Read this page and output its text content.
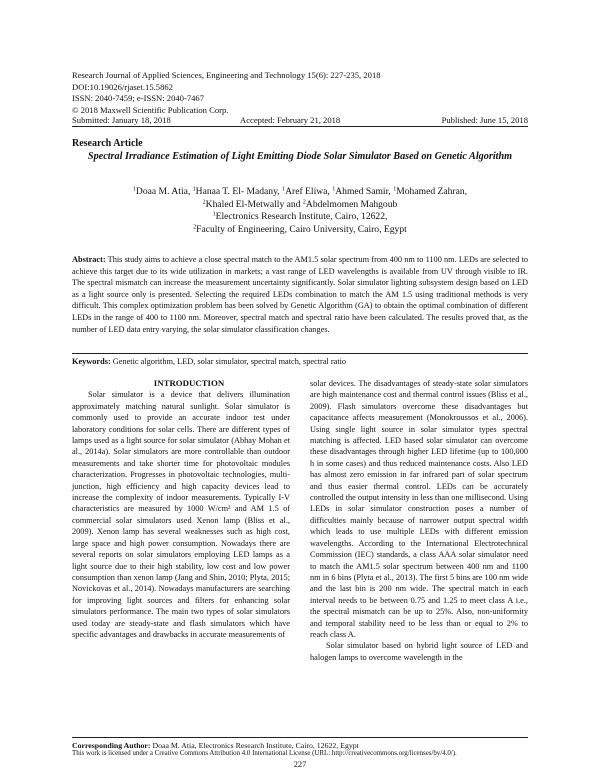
Research Journal of Applied Sciences, Engineering and Technology 15(6): 227-235, 2018
DOI:10.19026/rjaset.15.5862
ISSN: 2040-7459; e-ISSN: 2040-7467
© 2018 Maxwell Scientific Publication Corp.
Submitted: January 18, 2018	Accepted: February 21, 2018	Published: June 15, 2018
Research Article
Spectral Irradiance Estimation of Light Emitting Diode Solar Simulator Based on Genetic Algorithm
$^1$Doaa M. Atia, $^1$Hanaa T. El- Madany, $^1$Aref Eliwa, $^1$Ahmed Samir, $^1$Mohamed Zahran,
$^2$Khaled El-Metwally and $^2$Abdelmomen Mahgoub
$^1$Electronics Research Institute, Cairo, 12622,
$^2$Faculty of Engineering, Cairo University, Cairo, Egypt
Abstract: This study aims to achieve a close spectral match to the AM1.5 solar spectrum from 400 nm to 1100 nm. LEDs are selected to achieve this target due to its wide utilization in markets; a vast range of LED wavelengths is available from UV through visible to IR. The spectral mismatch can increase the measurement uncertainty significantly. Solar simulator lighting subsystem design based on LED as a light source only is presented. Selecting the required LEDs combination to match the AM 1.5 using traditional methods is very difficult. This complex optimization problem has been solved by Genetic Algorithm (GA) to obtain the optimal combination of different LEDs in the range of 400 to 1100 nm. Moreover, spectral match and spectral ratio have been calculated. The results proved that, as the number of LED data entry varying, the solar simulator classification changes.
Keywords: Genetic algorithm, LED, solar simulator, spectral match, spectral ratio

INTRODUCTION

Solar simulator is a device that delivers illumination approximately matching natural sunlight. Solar simulator is commonly used to provide an accurate indoor test under laboratory conditions for solar cells. There are different types of lamps used as a light source for solar simulator (Abhay Mohan et al., 2014a). Solar simulators are more controllable than outdoor measurements and take shorter time for photovoltaic modules characterization. Progresses in photovoltaic technologies, multi-junction, high efficiency and high capacity devices lead to increase the complexity of indoor measurements. Typically I-V characteristics are measured by 1000 W/cm² and AM 1.5 of commercial solar simulators used Xenon lamp (Bliss et al., 2009). Xenon lamp has several weaknesses such as high cost, large space and high power consumption. Nowadays there are several reports on solar simulators employing LED lamps as a light source due to their high stability, low cost and low power consumption than xenon lamp (Jang and Shin, 2010; Plyta, 2015; Novickovas et al., 2014). Nowadays manufacturers are searching for improving light sources and filters for enhancing solar simulators performance. The main two types of solar simulators used today are steady-state and flash simulators which have specific advantages and drawbacks in accurate measurements of

solar devices. The disadvantages of steady-state solar simulators are high maintenance cost and thermal control issues (Bliss et al., 2009). Flash simulators overcome these disadvantages but capacitance affects measurement (Monokroussos et al., 2006). Using single light source in solar simulator types spectral matching is affected. LED based solar simulator can overcome these disadvantages through higher LED lifetime (up to 100,000 h in some cases) and thus reduced maintenance costs. Also LED has almost zero emission in far infrared part of solar spectrum and thus easier thermal control. LEDs can be accurately controlled the output intensity in less than one millisecond. Using LEDs in solar simulator construction poses a number of difficulties mainly because of narrower output spectral width which leads to use multiple LEDs with different emission wavelengths. According to the International Electrotechnical Commission (IEC) standards, a class AAA solar simulator need to match the AM1.5 solar spectrum between 400 nm and 1100 nm in 6 bins (Plyta et al., 2013). The first 5 bins are 100 nm wide and the last bin is 200 nm wide. The spectral match in each interval needs to be between 0.75 and 1.25 to meet class A i.e., the spectral mismatch can be up to 25%. Also, non-uniformity and temporal stability need to be less than or equal to 2% to reach class A.

Solar simulator based on hybrid light source of LED and halogen lamps to overcome wavelength in the

Corresponding Author: Doaa M. Atia, Electronics Research Institute, Cairo, 12622, Egypt
This work is licensed under a Creative Commons Attribution 4.0 International License (URL: http://creativecommons.org/licenses/by/4.0/).
227
